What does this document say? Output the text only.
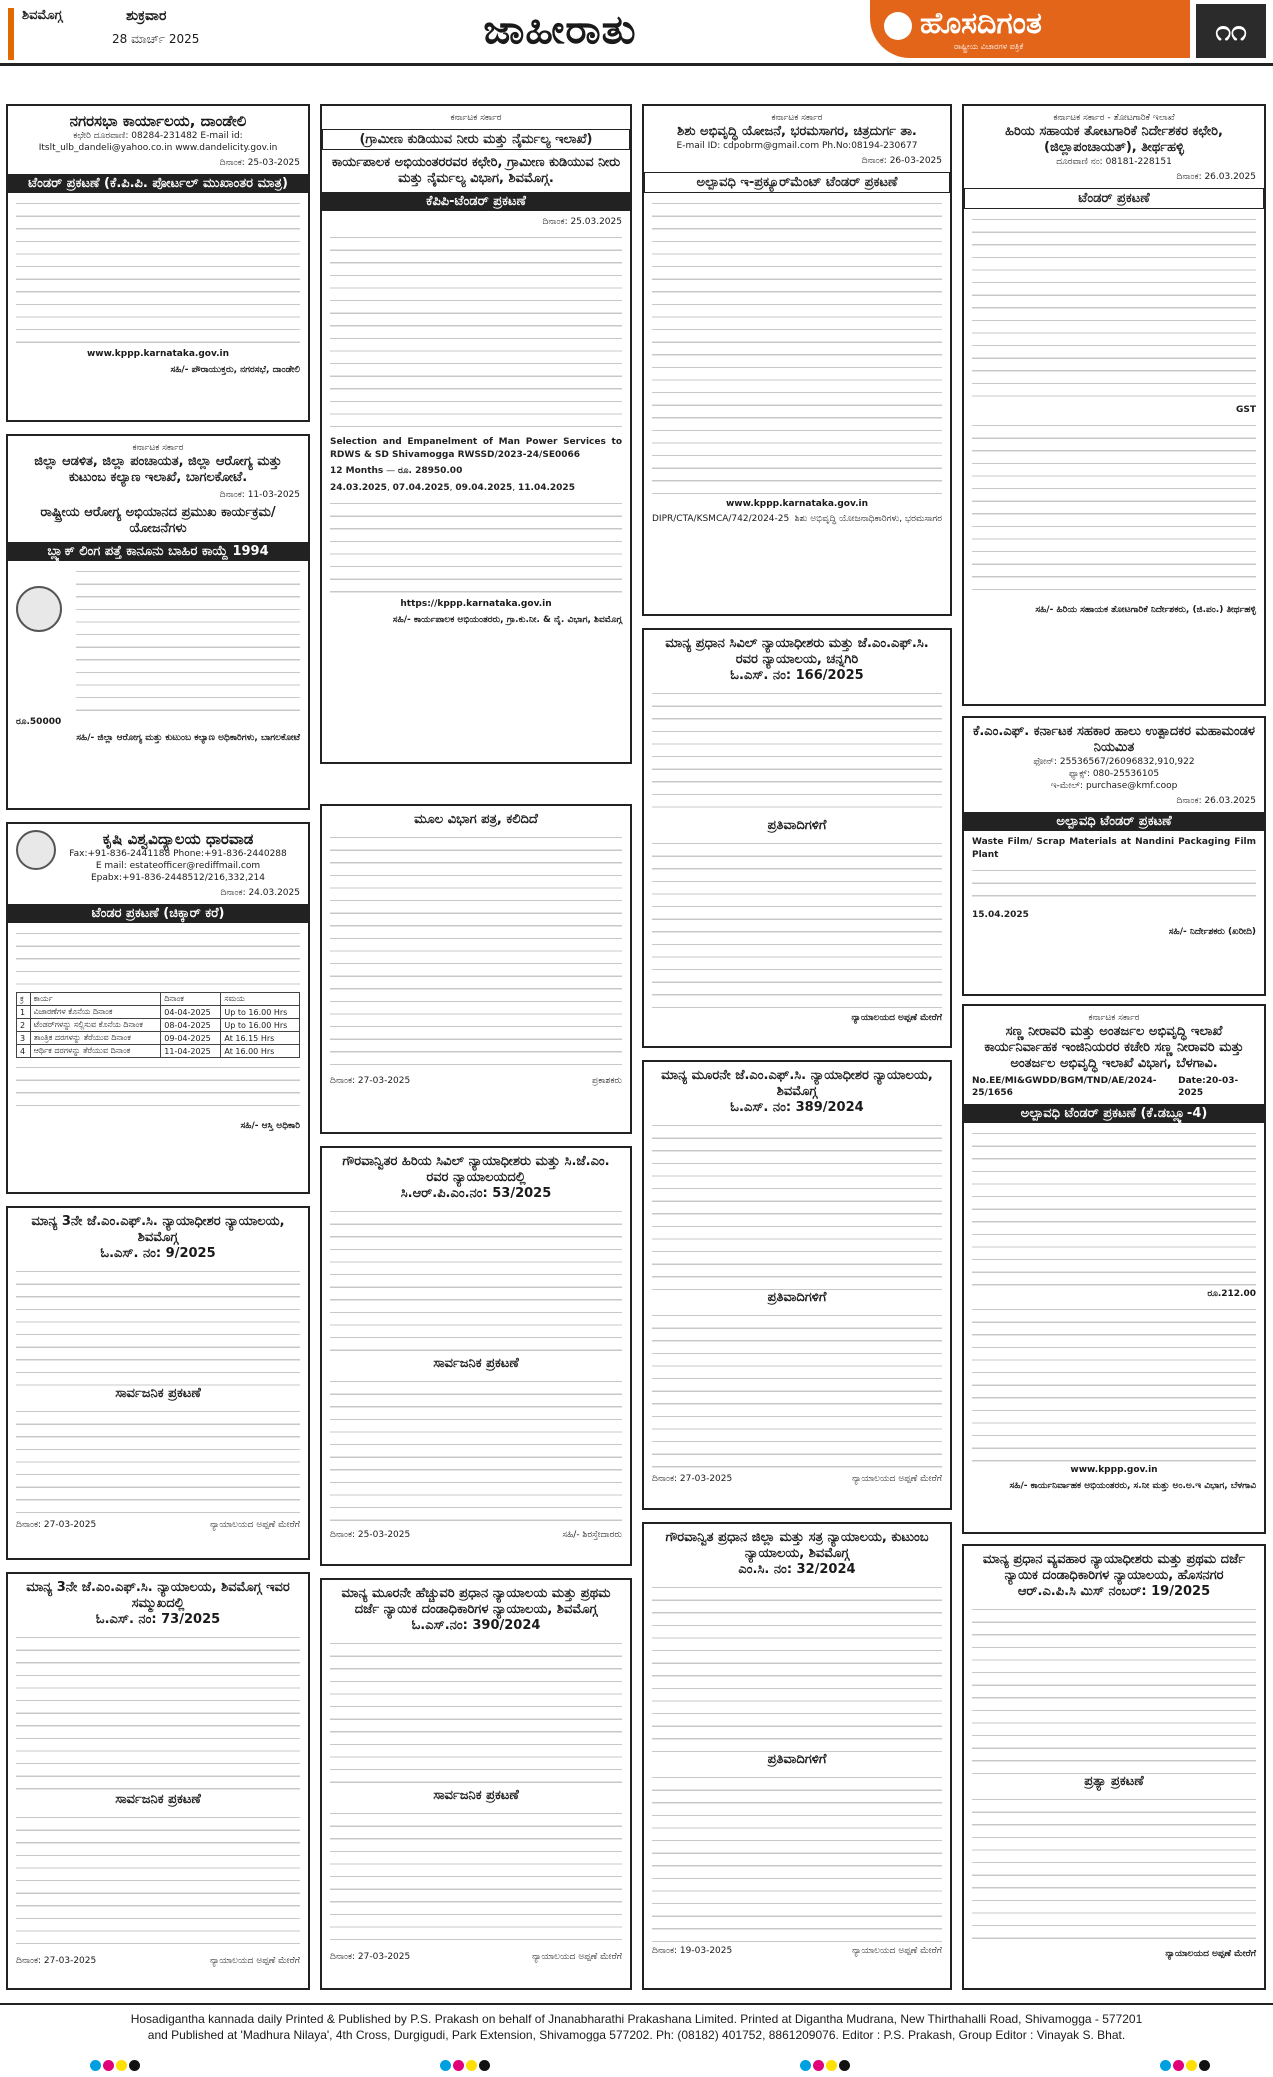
ಶಿವಮೊಗ್ಗ	ಶುಕ್ರವಾರ
28 ಮಾರ್ಚ್ 2025	ಜಾಹೀರಾತು	ಹೊಸದಿಗಂತ
ರಾಷ್ಟ್ರೀಯ ವಿಚಾರಗಳ ಪತ್ರಿಕೆ	೧೧
ನಗರಸಭಾ ಕಾರ್ಯಾಲಯ, ದಾಂಡೇಲಿ
ಕಛೇರಿ ದೂರವಾಣಿ: 08284-231482 E-mail id: Itslt_ulb_dandeli@yahoo.co.in www.dandelicity.gov.in
ದಿನಾಂಕ: 25-03-2025
ಟೆಂಡರ್ ಪ್ರಕಟಣೆ (ಕೆ.ಪಿ.ಪಿ. ಪೋರ್ಟಲ್ ಮುಖಾಂತರ ಮಾತ್ರ)
www.kppp.karnataka.gov.in
ಸಹಿ/- ಪೌರಾಯುಕ್ತರು, ನಗರಸಭೆ, ದಾಂಡೇಲಿ
ಕರ್ನಾಟಕ ಸರ್ಕಾರ
ಜಿಲ್ಲಾ ಆಡಳಿತ, ಜಿಲ್ಲಾ ಪಂಚಾಯತ, ಜಿಲ್ಲಾ ಆರೋಗ್ಯ ಮತ್ತು ಕುಟುಂಬ ಕಲ್ಯಾಣ ಇಲಾಖೆ, ಬಾಗಲಕೋಟೆ.
ದಿನಾಂಕ: 11-03-2025
ರಾಷ್ಟ್ರೀಯ ಆರೋಗ್ಯ ಅಭಿಯಾನದ ಪ್ರಮುಖ ಕಾರ್ಯಕ್ರಮ/ಯೋಜನೆಗಳು
ಬ್ಲ್ಯಾಕ್ ಲಿಂಗ ಪತ್ತೆ ಕಾನೂನು ಬಾಹಿರ ಕಾಯ್ದೆ 1994
ರೂ.50000
ಸಹಿ/- ಜಿಲ್ಲಾ ಆರೋಗ್ಯ ಮತ್ತು ಕುಟುಂಬ ಕಲ್ಯಾಣ ಅಧಿಕಾರಿಗಳು, ಬಾಗಲಕೋಟೆ
ಕೃಷಿ ವಿಶ್ವವಿದ್ಯಾಲಯ ಧಾರವಾಡ
Fax:+91-836-2441188 Phone:+91-836-2440288
E mail: estateofficer@rediffmail.com
Epabx:+91-836-2448512/216,332,214
ದಿನಾಂಕ: 24.03.2025
ಟೆಂಡರ ಪ್ರಕಟಣೆ (ಚಿಕ್ಕಾರ್ ಕರೆ)
ಕ್ರ	ಕಾರ್ಯ	ದಿನಾಂಕ	ಸಮಯ
1	ವಿಜಾರಣೆಗಳ ಕೊನೆಯ ದಿನಾಂಕ	04-04-2025	Up to 16.00 Hrs
2	ಟೆಂಡರ್‌ಗಳನ್ನು ಸಲ್ಲಿಸುವ ಕೊನೆಯ ದಿನಾಂಕ	08-04-2025	Up to 16.00 Hrs
3	ತಾಂತ್ರಿಕ ದರಗಳನ್ನು ತೆರೆಯುವ ದಿನಾಂಕ	09-04-2025	At 16.15 Hrs
4	ಆರ್ಥಿಕ ದರಗಳನ್ನು ತೆರೆಯುವ ದಿನಾಂಕ	11-04-2025	At 16.00 Hrs
ಸಹಿ/- ಆಸ್ತಿ ಅಧಿಕಾರಿ
ಮಾನ್ಯ 3ನೇ ಜೆ.ಎಂ.ಎಫ್.ಸಿ. ನ್ಯಾಯಾಧೀಶರ ನ್ಯಾಯಾಲಯ, ಶಿವಮೊಗ್ಗ
ಓ.ಎಸ್. ನಂ: 9/2025
ಸಾರ್ವಜನಿಕ ಪ್ರಕಟಣೆ
ದಿನಾಂಕ: 27-03-2025	ನ್ಯಾಯಾಲಯದ ಅಪ್ಪಣೆ ಮೇರೆಗೆ
ಮಾನ್ಯ 3ನೇ ಜೆ.ಎಂ.ಎಫ್.ಸಿ. ನ್ಯಾಯಾಲಯ, ಶಿವಮೊಗ್ಗ ಇವರ ಸಮ್ಮುಖದಲ್ಲಿ
ಓ.ಎಸ್. ನಂ: 73/2025
ಸಾರ್ವಜನಿಕ ಪ್ರಕಟಣೆ
ದಿನಾಂಕ: 27-03-2025	ನ್ಯಾಯಾಲಯದ ಅಪ್ಪಣೆ ಮೇರೆಗೆ
ಕರ್ನಾಟಕ ಸರ್ಕಾರ
(ಗ್ರಾಮೀಣ ಕುಡಿಯುವ ನೀರು ಮತ್ತು ನೈರ್ಮಲ್ಯ ಇಲಾಖೆ)
ಕಾರ್ಯಪಾಲಕ ಅಭಿಯಂತರರವರ ಕಛೇರಿ, ಗ್ರಾಮೀಣ ಕುಡಿಯುವ ನೀರು ಮತ್ತು ನೈರ್ಮಲ್ಯ ವಿಭಾಗ, ಶಿವಮೊಗ್ಗ.
ಕೆಪಿಪಿ-ಟೆಂಡರ್ ಪ್ರಕಟಣೆ
ದಿನಾಂಕ: 25.03.2025
Selection and Empanelment of Man Power Services to RDWS & SD Shivamogga RWSSD/2023-24/SE0066
12 Months — ರೂ. 28950.00
24.03.2025, 07.04.2025, 09.04.2025, 11.04.2025
https://kppp.karnataka.gov.in
ಸಹಿ/- ಕಾರ್ಯಪಾಲಕ ಅಭಿಯಂತರರು, ಗ್ರಾ.ಕು.ನೀ. & ನೈ. ವಿಭಾಗ, ಶಿವಮೊಗ್ಗ
ಮೂಲ ವಿಭಾಗ ಪತ್ರ, ಕಲಿದಿದೆ
ದಿನಾಂಕ: 27-03-2025	ಪ್ರಕಾಶಕರು
ಗೌರವಾನ್ವಿತರ ಹಿರಿಯ ಸಿವಿಲ್ ನ್ಯಾಯಾಧೀಶರು ಮತ್ತು ಸಿ.ಜೆ.ಎಂ. ರವರ ನ್ಯಾಯಾಲಯದಲ್ಲಿ
ಸಿ.ಆರ್.ಪಿ.ಎಂ.ನಂ: 53/2025
ಸಾರ್ವಜನಿಕ ಪ್ರಕಟಣೆ
ದಿನಾಂಕ: 25-03-2025	ಸಹಿ/- ಶಿರಸ್ತೇದಾರರು
ಮಾನ್ಯ ಮೂರನೇ ಹೆಚ್ಚುವರಿ ಪ್ರಧಾನ ನ್ಯಾಯಾಲಯ ಮತ್ತು ಪ್ರಥಮ ದರ್ಜೆ ನ್ಯಾಯಿಕ ದಂಡಾಧಿಕಾರಿಗಳ ನ್ಯಾಯಾಲಯ, ಶಿವಮೊಗ್ಗ
ಓ.ಎಸ್.ನಂ: 390/2024
ಸಾರ್ವಜನಿಕ ಪ್ರಕಟಣೆ
ದಿನಾಂಕ: 27-03-2025	ನ್ಯಾಯಾಲಯದ ಅಪ್ಪಣೆ ಮೇರೆಗೆ
ಕರ್ನಾಟಕ ಸರ್ಕಾರ
ಶಿಶು ಅಭಿವೃದ್ಧಿ ಯೋಜನೆ, ಭರಮಸಾಗರ, ಚಿತ್ರದುರ್ಗ ತಾ.
E-mail ID: cdpobrm@gmail.com Ph.No:08194-230677
ದಿನಾಂಕ: 26-03-2025
ಅಲ್ಪಾವಧಿ ಇ-ಪ್ರಕ್ಯೂರ್‌ಮೆಂಟ್ ಟೆಂಡರ್ ಪ್ರಕಟಣೆ
www.kppp.karnataka.gov.in
DIPR/CTA/KSMCA/742/2024-25 ಶಿಶು ಅಭಿವೃದ್ಧಿ ಯೋಜನಾಧಿಕಾರಿಗಳು, ಭರಮಸಾಗರ
ಮಾನ್ಯ ಪ್ರಧಾನ ಸಿವಿಲ್ ನ್ಯಾಯಾಧೀಶರು ಮತ್ತು ಜೆ.ಎಂ.ಎಫ್.ಸಿ. ರವರ ನ್ಯಾಯಾಲಯ, ಚನ್ನಗಿರಿ
ಓ.ಎಸ್. ನಂ: 166/2025
ಪ್ರತಿವಾದಿಗಳಿಗೆ
ನ್ಯಾಯಾಲಯದ ಅಪ್ಪಣೆ ಮೇರೆಗೆ
ಮಾನ್ಯ ಮೂರನೇ ಜೆ.ಎಂ.ಎಫ್.ಸಿ. ನ್ಯಾಯಾಧೀಶರ ನ್ಯಾಯಾಲಯ, ಶಿವಮೊಗ್ಗ
ಓ.ಎಸ್. ನಂ: 389/2024
ಪ್ರತಿವಾದಿಗಳಿಗೆ
ದಿನಾಂಕ: 27-03-2025	ನ್ಯಾಯಾಲಯದ ಅಪ್ಪಣೆ ಮೇರೆಗೆ
ಗೌರವಾನ್ವಿತ ಪ್ರಧಾನ ಜಿಲ್ಲಾ ಮತ್ತು ಸತ್ರ ನ್ಯಾಯಾಲಯ, ಕುಟುಂಬ ನ್ಯಾಯಾಲಯ, ಶಿವಮೊಗ್ಗ
ಎಂ.ಸಿ. ನಂ: 32/2024
ಪ್ರತಿವಾದಿಗಳಿಗೆ
ದಿನಾಂಕ: 19-03-2025	ನ್ಯಾಯಾಲಯದ ಅಪ್ಪಣೆ ಮೇರೆಗೆ
ಕರ್ನಾಟಕ ಸರ್ಕಾರ - ತೋಟಗಾರಿಕೆ ಇಲಾಖೆ
ಹಿರಿಯ ಸಹಾಯಕ ತೋಟಗಾರಿಕೆ ನಿರ್ದೇಶಕರ ಕಛೇರಿ, (ಜಿಲ್ಲಾಪಂಚಾಯತ್), ತೀರ್ಥಹಳ್ಳಿ
ದೂರವಾಣಿ ನಂ: 08181-228151
ದಿನಾಂಕ: 26.03.2025
ಟೆಂಡರ್ ಪ್ರಕಟಣೆ
GST
ಸಹಿ/- ಹಿರಿಯ ಸಹಾಯಕ ತೋಟಗಾರಿಕೆ ನಿರ್ದೇಶಕರು, (ಜಿ.ಪಂ.) ತೀರ್ಥಹಳ್ಳಿ
ಕೆ.ಎಂ.ಎಫ್. ಕರ್ನಾಟಕ ಸಹಕಾರ ಹಾಲು ಉತ್ಪಾದಕರ ಮಹಾಮಂಡಳ ನಿಯಮಿತ
ಫೋನ್: 25536567/26096832,910,922
ಫ್ಯಾಕ್ಸ್: 080-25536105
ಇ-ಮೇಲ್: purchase@kmf.coop
ದಿನಾಂಕ: 26.03.2025
ಅಲ್ಪಾವಧಿ ಟೆಂಡರ್ ಪ್ರಕಟಣೆ
Waste Film/ Scrap Materials at Nandini Packaging Film Plant
15.04.2025
ಸಹಿ/- ನಿರ್ದೇಶಕರು (ಖರೀದಿ)
ಕರ್ನಾಟಕ ಸರ್ಕಾರ
ಸಣ್ಣ ನೀರಾವರಿ ಮತ್ತು ಅಂತರ್ಜಲ ಅಭಿವೃದ್ಧಿ ಇಲಾಖೆ ಕಾರ್ಯನಿರ್ವಾಹಕ ಇಂಜಿನಿಯರರ ಕಚೇರಿ ಸಣ್ಣ ನೀರಾವರಿ ಮತ್ತು ಅಂತರ್ಜಲ ಅಭಿವೃದ್ಧಿ ಇಲಾಖೆ ವಿಭಾಗ, ಬೆಳಗಾವಿ.
No.EE/MI&GWDD/BGM/TND/AE/2024-25/1656
Date:20-03-2025
ಅಲ್ಪಾವಧಿ ಟೆಂಡರ್ ಪ್ರಕಟಣೆ (ಕೆ.ಡಬ್ಲ್ಯೂ-4)
ರೂ.212.00
www.kppp.gov.in
ಸಹಿ/- ಕಾರ್ಯನಿರ್ವಾಹಕ ಅಭಿಯಂತರರು, ಸ.ನೀ ಮತ್ತು ಅಂ.ಅ.ಇ ವಿಭಾಗ, ಬೆಳಗಾವಿ
ಮಾನ್ಯ ಪ್ರಧಾನ ವ್ಯವಹಾರ ನ್ಯಾಯಾಧೀಶರು ಮತ್ತು ಪ್ರಥಮ ದರ್ಜೆ ನ್ಯಾಯಿಕ ದಂಡಾಧಿಕಾರಿಗಳ ನ್ಯಾಯಾಲಯ, ಹೊಸನಗರ
ಆರ್.ಎ.ಪಿ.ಸಿ ಮಿಸ್ ನಂಬರ್: 19/2025
ಪ್ರತ್ಯಾ ಪ್ರಕಟಣೆ
ನ್ಯಾಯಾಲಯದ ಅಪ್ಪಣೆ ಮೇರೆಗೆ
Hosadigantha kannada daily Printed & Published by P.S. Prakash on behalf of Jnanabharathi Prakashana Limited. Printed at Digantha Mudrana, New Thirthahalli Road, Shivamogga - 577201
and Published at 'Madhura Nilaya', 4th Cross, Durgigudi, Park Extension, Shivamogga 577202. Ph: (08182) 401752, 8861209076. Editor : P.S. Prakash, Group Editor : Vinayak S. Bhat.
